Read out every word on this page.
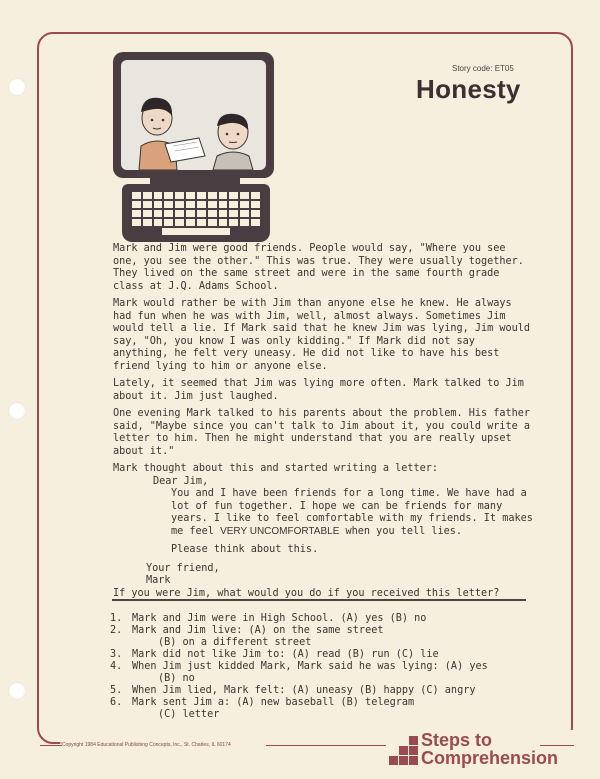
Story code: ET05
Honesty

Mark and Jim were good friends. People would say, "Where you see one, you see the other." This was true. They were usually together. They lived on the same street and were in the same fourth grade class at J.Q. Adams School.

Mark would rather be with Jim than anyone else he knew. He always had fun when he was with Jim, well, almost always. Sometimes Jim would tell a lie. If Mark said that he knew Jim was lying, Jim would say, "Oh, you know I was only kidding." If Mark did not say anything, he felt very uneasy. He did not like to have his best friend lying to him or anyone else.

Lately, it seemed that Jim was lying more often. Mark talked to Jim about it. Jim just laughed.

One evening Mark talked to his parents about the problem. His father said, "Maybe since you can't talk to Jim about it, you could write a letter to him. Then he might understand that you are really upset about it."

Mark thought about this and started writing a letter:

Dear Jim,
You and I have been friends for a long time. We have had a lot of fun together. I hope we can be friends for many years. I like to feel comfortable with my friends. It makes me feel VERY UNCOMFORTABLE when you tell lies.
Please think about this.
Your friend,
Mark
If you were Jim, what would you do if you received this letter?
1. Mark and Jim were in High School. (A) yes (B) no
2. Mark and Jim live: (A) on the same street
(B) on a different street
3. Mark did not like Jim to: (A) read (B) run (C) lie
4. When Jim just kidded Mark, Mark said he was lying: (A) yes
(B) no
5. When Jim lied, Mark felt: (A) uneasy (B) happy (C) angry
6. Mark sent Jim a: (A) new baseball (B) telegram
(C) letter
*Copyright 1984 Educational Publishing Concepts, Inc., St. Charles, IL 60174	Steps to
Comprehension
